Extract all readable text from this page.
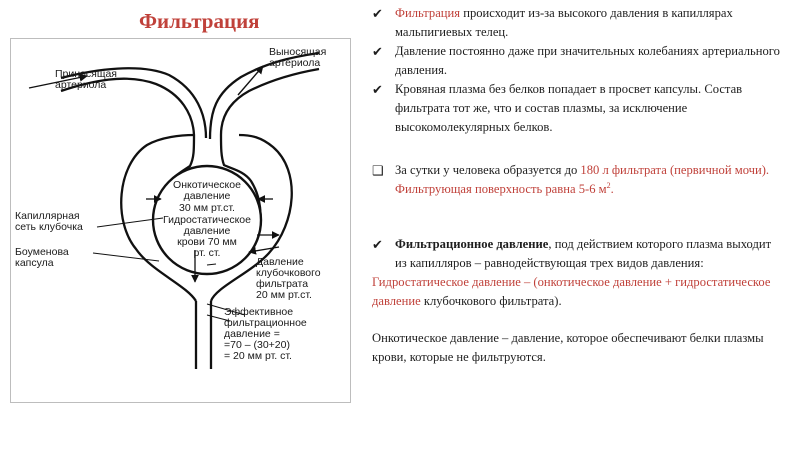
Фильтрация
Приносящая
артериола
Выносящая
артериола
Онкотическое
давление
30 мм рт.ст.
Гидростатическое
давление
крови 70 мм
рт. ст.
Капиллярная
сеть клубочка
Боуменова
капсула	Давление
клубочкового
фильтрата
20 мм рт.ст.
Эффективное
фильтрационное
давление =
=70 – (30+20)
= 20 мм рт. ст.
✔ Фильтрация происходит из-за высокого давления в капиллярах мальпигиевых телец.
✔ Давление постоянно даже при значительных колебаниях артериального давления.
✔ Кровяная плазма без белков попадает в просвет капсулы. Состав фильтрата тот же, что и состав плазмы, за исключение высокомолекулярных белков.
❑ За сутки у человека образуется до 180 л фильтрата (первичной мочи). Фильтрующая поверхность равна 5-6 $м^2$.
✔ Фильтрационное давление, под действием которого плазма выходит из капилляров – равнодействующая трех видов давления:
Гидростатическое давление – (онкотическое давление + гидростатическое давление клубочкового фильтрата).
Онкотическое давление – давление, которое обеспечивают белки плазмы крови, которые не фильтруются.
